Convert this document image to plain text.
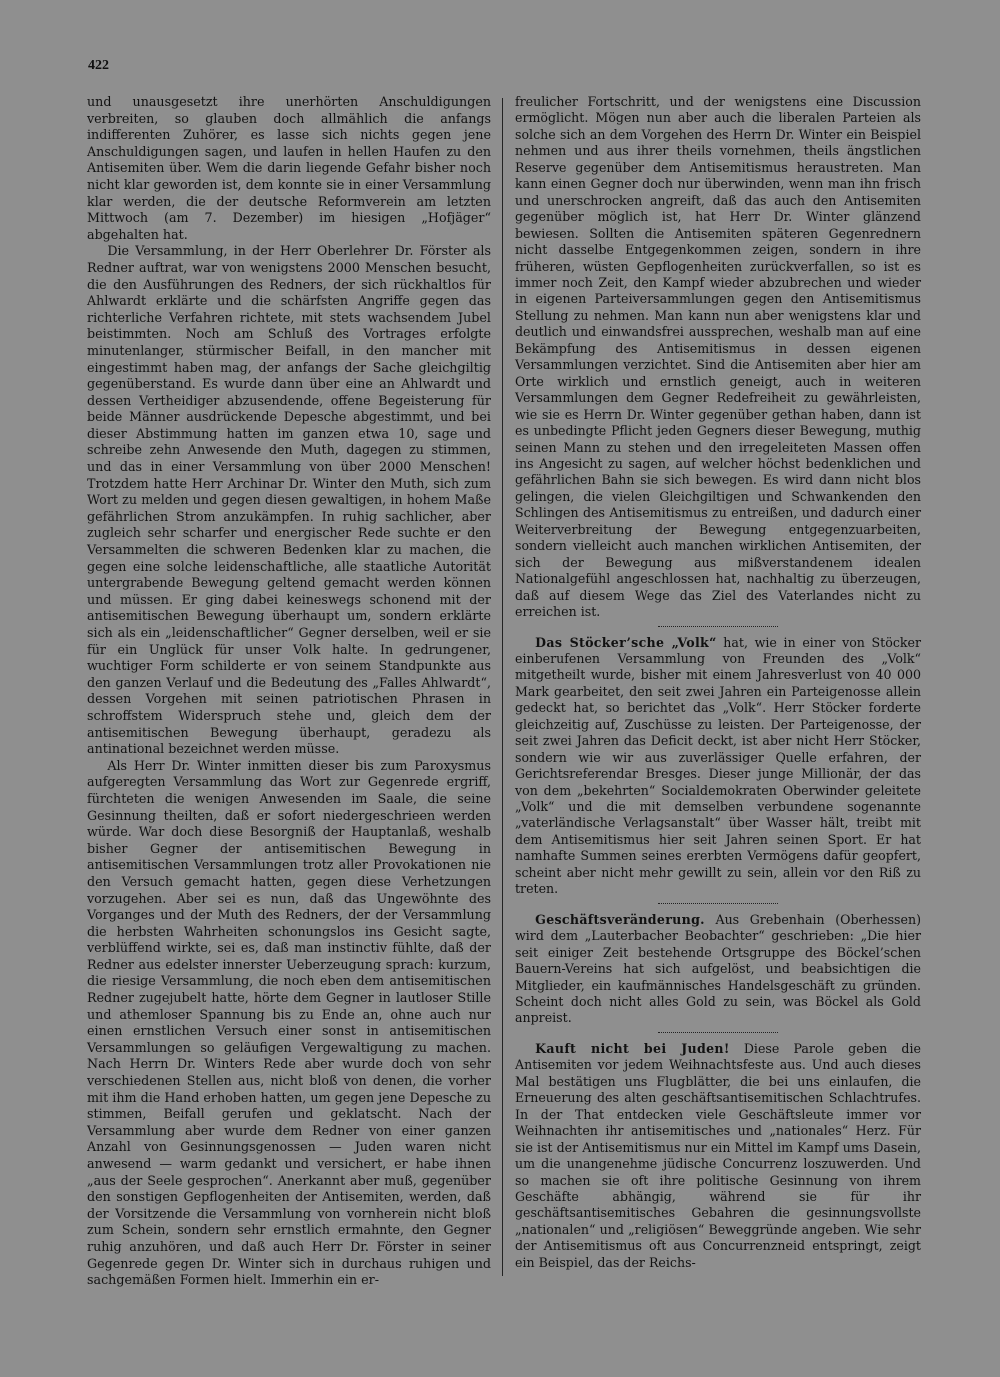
422

und unausgesetzt ihre unerhörten Anschuldigungen verbreiten, so glauben doch allmählich die anfangs indifferenten Zuhörer, es lasse sich nichts gegen jene Anschuldigungen sagen, und laufen in hellen Haufen zu den Antisemiten über. Wem die darin liegende Gefahr bisher noch nicht klar geworden ist, dem konnte sie in einer Versammlung klar werden, die der deutsche Reformverein am letzten Mittwoch (am 7. Dezember) im hiesigen „Hofjäger“ abgehalten hat.

Die Versammlung, in der Herr Oberlehrer Dr. Förster als Redner auftrat, war von wenigstens 2000 Menschen besucht, die den Ausführungen des Redners, der sich rückhaltlos für Ahlwardt erklärte und die schärfsten Angriffe gegen das richterliche Verfahren richtete, mit stets wachsendem Jubel beistimmten. Noch am Schluß des Vortrages erfolgte minutenlanger, stürmischer Beifall, in den mancher mit eingestimmt haben mag, der anfangs der Sache gleichgiltig gegenüberstand. Es wurde dann über eine an Ahlwardt und dessen Vertheidiger abzusendende, offene Begeisterung für beide Männer ausdrückende Depesche abgestimmt, und bei dieser Abstimmung hatten im ganzen etwa 10, sage und schreibe zehn Anwesende den Muth, dagegen zu stimmen, und das in einer Versammlung von über 2000 Menschen! Trotzdem hatte Herr Archinar Dr. Winter den Muth, sich zum Wort zu melden und gegen diesen gewaltigen, in hohem Maße gefährlichen Strom anzukämpfen. In ruhig sachlicher, aber zugleich sehr scharfer und energischer Rede suchte er den Versammelten die schweren Bedenken klar zu machen, die gegen eine solche leidenschaftliche, alle staatliche Autorität untergrabende Bewegung geltend gemacht werden können und müssen. Er ging dabei keineswegs schonend mit der antisemitischen Bewegung überhaupt um, sondern erklärte sich als ein „leidenschaftlicher“ Gegner derselben, weil er sie für ein Unglück für unser Volk halte. In gedrungener, wuchtiger Form schilderte er von seinem Standpunkte aus den ganzen Verlauf und die Bedeutung des „Falles Ahlwardt“, dessen Vorgehen mit seinen patriotischen Phrasen in schroffstem Widerspruch stehe und, gleich dem der antisemitischen Bewegung überhaupt, geradezu als antinational bezeichnet werden müsse.

Als Herr Dr. Winter inmitten dieser bis zum Paroxysmus aufgeregten Versammlung das Wort zur Gegenrede ergriff, fürchteten die wenigen Anwesenden im Saale, die seine Gesinnung theilten, daß er sofort niedergeschrieen werden würde. War doch diese Besorgniß der Hauptanlaß, weshalb bisher Gegner der antisemitischen Bewegung in antisemitischen Versammlungen trotz aller Provokationen nie den Versuch gemacht hatten, gegen diese Verhetzungen vorzugehen. Aber sei es nun, daß das Ungewöhnte des Vorganges und der Muth des Redners, der der Versammlung die herbsten Wahrheiten schonungslos ins Gesicht sagte, verblüffend wirkte, sei es, daß man instinctiv fühlte, daß der Redner aus edelster innerster Ueberzeugung sprach: kurzum, die riesige Versammlung, die noch eben dem antisemitischen Redner zugejubelt hatte, hörte dem Gegner in lautloser Stille und athemloser Spannung bis zu Ende an, ohne auch nur einen ernstlichen Versuch einer sonst in antisemitischen Versammlungen so geläufigen Vergewaltigung zu machen. Nach Herrn Dr. Winters Rede aber wurde doch von sehr verschiedenen Stellen aus, nicht bloß von denen, die vorher mit ihm die Hand erhoben hatten, um gegen jene Depesche zu stimmen, Beifall gerufen und geklatscht. Nach der Versammlung aber wurde dem Redner von einer ganzen Anzahl von Gesinnungsgenossen — Juden waren nicht anwesend — warm gedankt und versichert, er habe ihnen „aus der Seele gesprochen“. Anerkannt aber muß, gegenüber den sonstigen Gepflogenheiten der Antisemiten, werden, daß der Vorsitzende die Versammlung von vornherein nicht bloß zum Schein, sondern sehr ernstlich ermahnte, den Gegner ruhig anzuhören, und daß auch Herr Dr. Förster in seiner Gegenrede gegen Dr. Winter sich in durchaus ruhigen und sachgemäßen Formen hielt. Immerhin ein er-

freulicher Fortschritt, und der wenigstens eine Discussion ermöglicht. Mögen nun aber auch die liberalen Parteien als solche sich an dem Vorgehen des Herrn Dr. Winter ein Beispiel nehmen und aus ihrer theils vornehmen, theils ängstlichen Reserve gegenüber dem Antisemitismus heraustreten. Man kann einen Gegner doch nur überwinden, wenn man ihn frisch und unerschrocken angreift, daß das auch den Antisemiten gegenüber möglich ist, hat Herr Dr. Winter glänzend bewiesen. Sollten die Antisemiten späteren Gegenrednern nicht dasselbe Entgegenkommen zeigen, sondern in ihre früheren, wüsten Gepflogenheiten zurückverfallen, so ist es immer noch Zeit, den Kampf wieder abzubrechen und wieder in eigenen Parteiversammlungen gegen den Antisemitismus Stellung zu nehmen. Man kann nun aber wenigstens klar und deutlich und einwandsfrei aussprechen, weshalb man auf eine Bekämpfung des Antisemitismus in dessen eigenen Versammlungen verzichtet. Sind die Antisemiten aber hier am Orte wirklich und ernstlich geneigt, auch in weiteren Versammlungen dem Gegner Redefreiheit zu gewährleisten, wie sie es Herrn Dr. Winter gegenüber gethan haben, dann ist es unbedingte Pflicht jeden Gegners dieser Bewegung, muthig seinen Mann zu stehen und den irregeleiteten Massen offen ins Angesicht zu sagen, auf welcher höchst bedenklichen und gefährlichen Bahn sie sich bewegen. Es wird dann nicht blos gelingen, die vielen Gleichgiltigen und Schwankenden den Schlingen des Antisemitismus zu entreißen, und dadurch einer Weiterverbreitung der Bewegung entgegenzuarbeiten, sondern vielleicht auch manchen wirklichen Antisemiten, der sich der Bewegung aus mißverstandenem idealen Nationalgefühl angeschlossen hat, nachhaltig zu überzeugen, daß auf diesem Wege das Ziel des Vaterlandes nicht zu erreichen ist.

Das Stöcker’sche „Volk“ hat, wie in einer von Stöcker einberufenen Versammlung von Freunden des „Volk“ mitgetheilt wurde, bisher mit einem Jahresverlust von 40 000 Mark gearbeitet, den seit zwei Jahren ein Parteigenosse allein gedeckt hat, so berichtet das „Volk“. Herr Stöcker forderte gleichzeitig auf, Zuschüsse zu leisten. Der Parteigenosse, der seit zwei Jahren das Deficit deckt, ist aber nicht Herr Stöcker, sondern wie wir aus zuverlässiger Quelle erfahren, der Gerichtsreferendar Bresges. Dieser junge Millionär, der das von dem „bekehrten“ Socialdemokraten Oberwinder geleitete „Volk“ und die mit demselben verbundene sogenannte „vaterländische Verlagsanstalt“ über Wasser hält, treibt mit dem Antisemitismus hier seit Jahren seinen Sport. Er hat namhafte Summen seines ererbten Vermögens dafür geopfert, scheint aber nicht mehr gewillt zu sein, allein vor den Riß zu treten.

Geschäftsveränderung. Aus Grebenhain (Oberhessen) wird dem „Lauterbacher Beobachter“ geschrieben: „Die hier seit einiger Zeit bestehende Ortsgruppe des Böckel’schen Bauern-Vereins hat sich aufgelöst, und beabsichtigen die Mitglieder, ein kaufmännisches Handelsgeschäft zu gründen. Scheint doch nicht alles Gold zu sein, was Böckel als Gold anpreist.

Kauft nicht bei Juden! Diese Parole geben die Antisemiten vor jedem Weihnachtsfeste aus. Und auch dieses Mal bestätigen uns Flugblätter, die bei uns einlaufen, die Erneuerung des alten geschäftsantisemitischen Schlachtrufes. In der That entdecken viele Geschäftsleute immer vor Weihnachten ihr antisemitisches und „nationales“ Herz. Für sie ist der Antisemitismus nur ein Mittel im Kampf ums Dasein, um die unangenehme jüdische Concurrenz loszuwerden. Und so machen sie oft ihre politische Gesinnung von ihrem Geschäfte abhängig, während sie für ihr geschäftsantisemitisches Gebahren die gesinnungsvollste „nationalen“ und „religiösen“ Beweggründe angeben. Wie sehr der Antisemitismus oft aus Concurrenzneid entspringt, zeigt ein Beispiel, das der Reichs-
